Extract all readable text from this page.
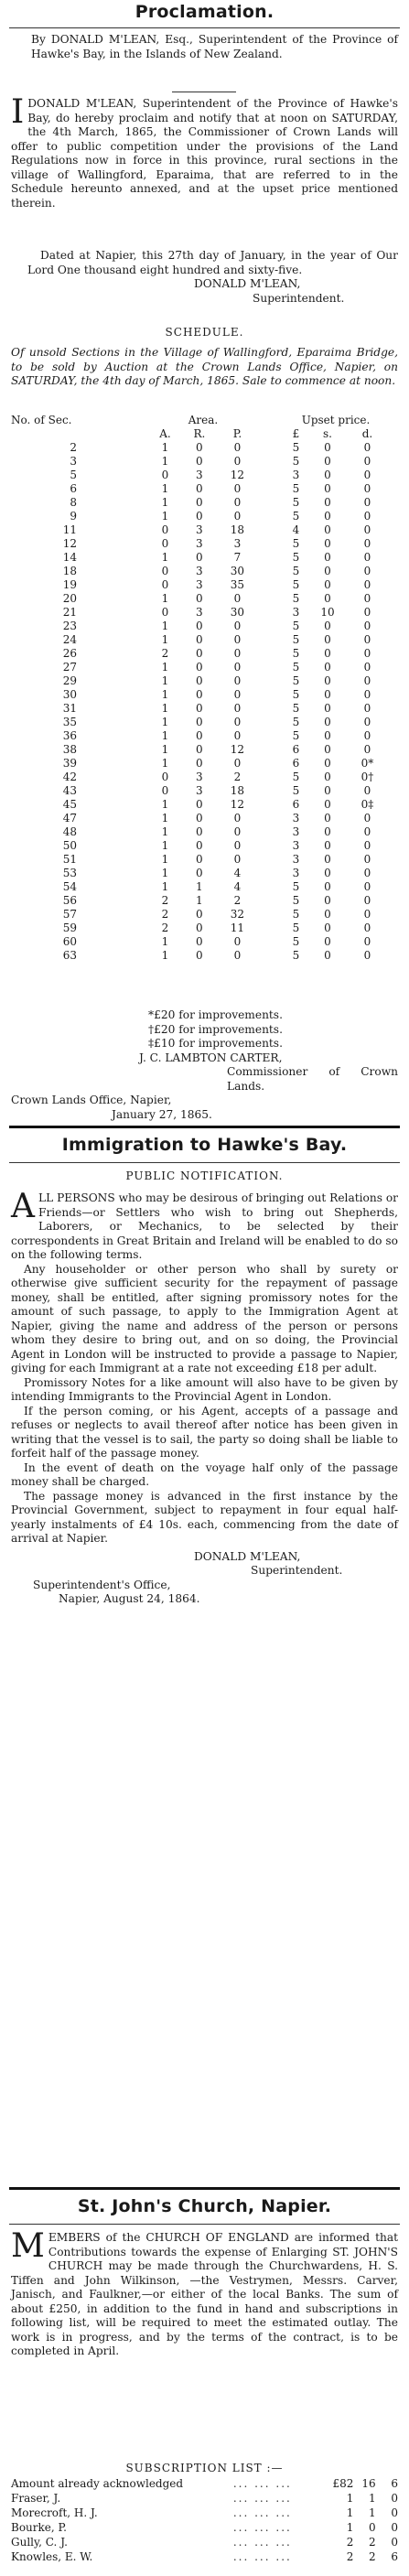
Proclamation.

By DONALD M'LEAN, Esq., Superintendent of the Province of Hawke's Bay, in the Islands of New Zealand.

I DONALD M'LEAN, Superintendent of the Province of Hawke's Bay, do hereby proclaim and notify that at noon on SATURDAY, the 4th March, 1865, the Commissioner of Crown Lands will offer to public competition under the provisions of the Land Regulations now in force in this province, rural sections in the village of Wallingford, Eparaima, that are referred to in the Schedule hereunto annexed, and at the upset price mentioned therein.

Dated at Napier, this 27th day of January, in the year of Our Lord One thousand eight hundred and sixty-five.

DONALD M'LEAN,

Superintendent.

SCHEDULE.

Of unsold Sections in the Village of Wallingford, Eparaima Bridge, to be sold by Auction at the Crown Lands Office, Napier, on SATURDAY, the 4th day of March, 1865. Sale to commence at noon.

No. of Sec.	Area.				Upset price.		
	A.	R.	P.		£	s.	d.
2	1	0	0		5	0	0
3	1	0	0		5	0	0
5	0	3	12		3	0	0
6	1	0	0		5	0	0
8	1	0	0		5	0	0
9	1	0	0		5	0	0
11	0	3	18		4	0	0
12	0	3	3		5	0	0
14	1	0	7		5	0	0
18	0	3	30		5	0	0
19	0	3	35		5	0	0
20	1	0	0		5	0	0
21	0	3	30		3	10	0
23	1	0	0		5	0	0
24	1	0	0		5	0	0
26	2	0	0		5	0	0
27	1	0	0		5	0	0
29	1	0	0		5	0	0
30	1	0	0		5	0	0
31	1	0	0		5	0	0
35	1	0	0		5	0	0
36	1	0	0		5	0	0
38	1	0	12		6	0	0
39	1	0	0		6	0	0*
42	0	3	2		5	0	0†
43	0	3	18		5	0	0
45	1	0	12		6	0	0‡
47	1	0	0		3	0	0
48	1	0	0		3	0	0
50	1	0	0		3	0	0
51	1	0	0		3	0	0
53	1	0	4		3	0	0
54	1	1	4		5	0	0
56	2	1	2		5	0	0
57	2	0	32		5	0	0
59	2	0	11		5	0	0
60	1	0	0		5	0	0
63	1	0	0		5	0	0

*£20 for improvements.

†£20 for improvements.

‡£10 for improvements.

J. C. LAMBTON CARTER,

Commissioner of Crown Lands.

Crown Lands Office, Napier,

January 27, 1865.

Immigration to Hawke's Bay.

PUBLIC NOTIFICATION.

A LL PERSONS who may be desirous of bringing out Relations or Friends—or Settlers who wish to bring out Shepherds, Laborers, or Mechanics, to be selected by their correspondents in Great Britain and Ireland will be enabled to do so on the following terms.

Any householder or other person who shall by surety or otherwise give sufficient security for the repayment of passage money, shall be entitled, after signing promissory notes for the amount of such passage, to apply to the Immigration Agent at Napier, giving the name and address of the person or persons whom they desire to bring out, and on so doing, the Provincial Agent in London will be instructed to provide a passage to Napier, giving for each Immigrant at a rate not exceeding £18 per adult.

Promissory Notes for a like amount will also have to be given by intending Immigrants to the Provincial Agent in London.

If the person coming, or his Agent, accepts of a passage and refuses or neglects to avail thereof after notice has been given in writing that the vessel is to sail, the party so doing shall be liable to forfeit half of the passage money.

In the event of death on the voyage half only of the passage money shall be charged.

The passage money is advanced in the first instance by the Provincial Government, subject to repayment in four equal half-yearly instalments of £4 10s. each, commencing from the date of arrival at Napier.

DONALD M'LEAN,

Superintendent.

Superintendent's Office,

Napier, August 24, 1864.

St. John's Church, Napier.
M EMBERS of the CHURCH OF ENGLAND are informed that Contributions towards the expense of Enlarging ST. JOHN'S CHURCH may be made through the Churchwardens, H. S. Tiffen and John Wilkinson, —the Vestrymen, Messrs. Carver, Janisch, and Faulkner,—or either of the local Banks. The sum of about £250, in addition to the fund in hand and subscriptions in following list, will be required to meet the estimated outlay. The work is in progress, and by the terms of the contract, is to be completed in April.

SUBSCRIPTION LIST :—

Amount already acknowledged	... ... ...	£82	16	6
Fraser, J.	... ... ...	1	1	0
Morecroft, H. J.	... ... ...	1	1	0
Bourke, P.	... ... ...	1	0	0
Gully, C. J.	... ... ...	2	2	0
Knowles, E. W.	... ... ...	2	2	6
